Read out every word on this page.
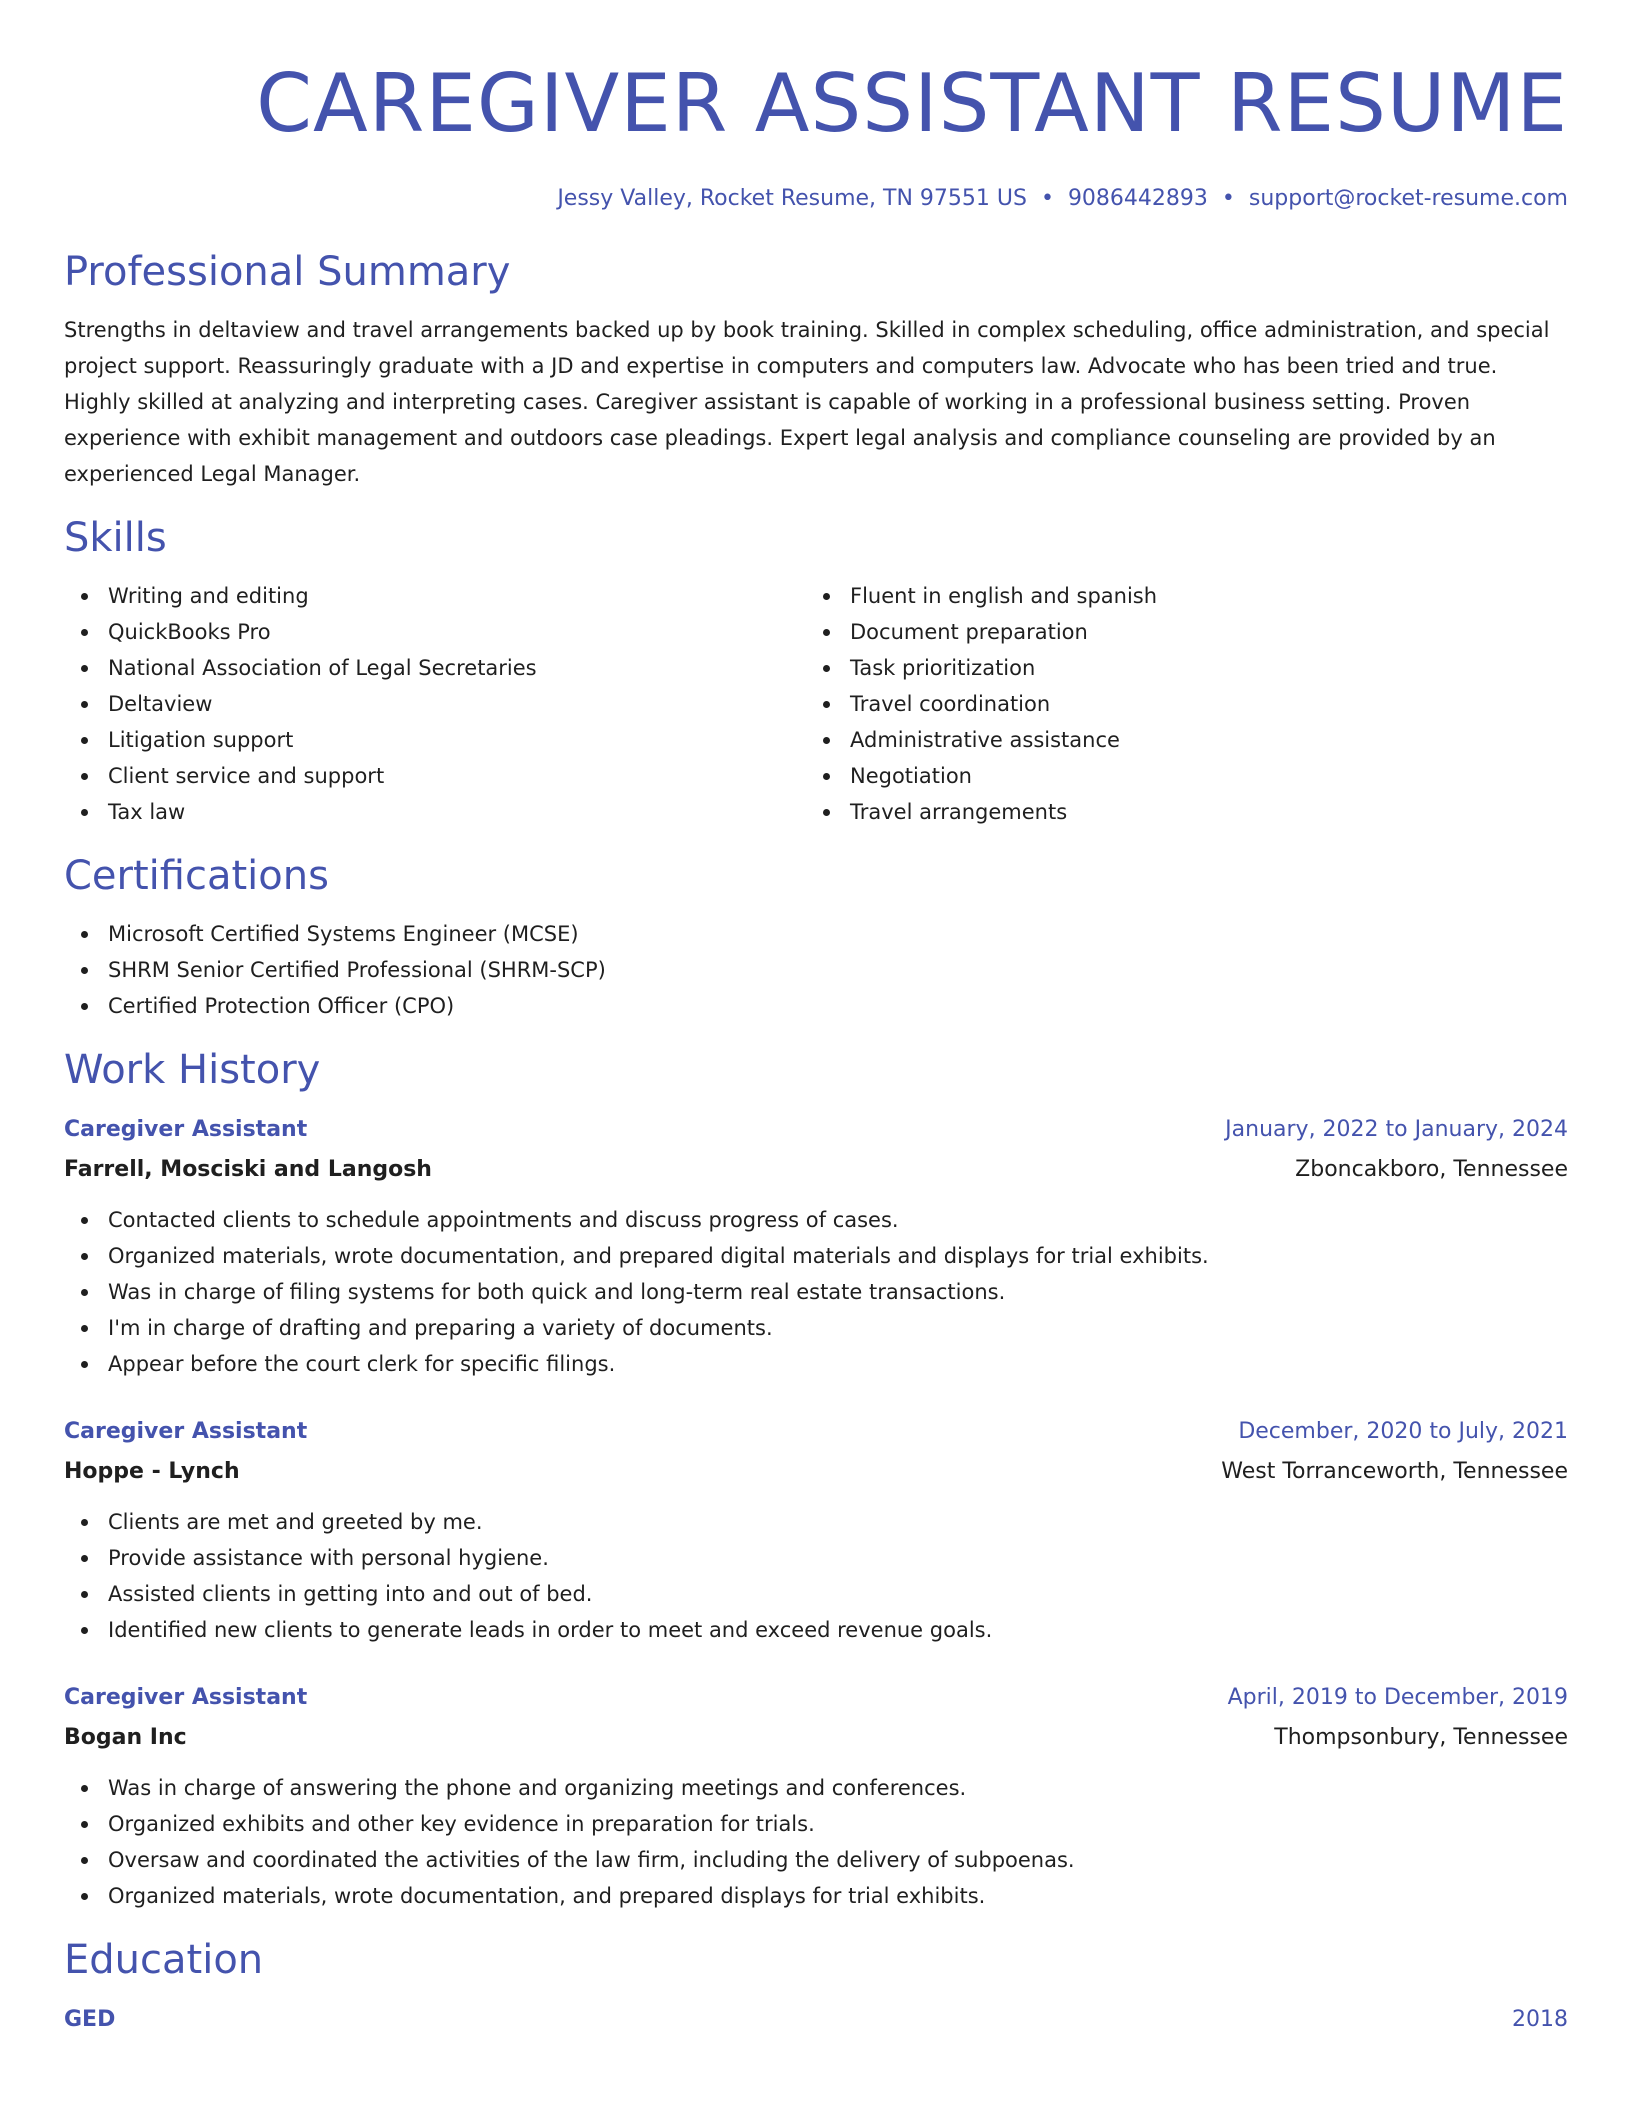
CAREGIVER ASSISTANT RESUME
Jessy Valley, Rocket Resume, TN 97551 US • 9086442893 • support@rocket-resume.com
Professional Summary

Strengths in deltaview and travel arrangements backed up by book training. Skilled in complex scheduling, office administration, and special project support. Reassuringly graduate with a JD and expertise in computers and computers law. Advocate who has been tried and true. Highly skilled at analyzing and interpreting cases. Caregiver assistant is capable of working in a professional business setting. Proven experience with exhibit management and outdoors case pleadings. Expert legal analysis and compliance counseling are provided by an experienced Legal Manager.

Skills
Writing and editing
QuickBooks Pro
National Association of Legal Secretaries
Deltaview
Litigation support
Client service and support
Tax law
Fluent in english and spanish
Document preparation
Task prioritization
Travel coordination
Administrative assistance
Negotiation
Travel arrangements
Certifications
Microsoft Certified Systems Engineer (MCSE)
SHRM Senior Certified Professional (SHRM-SCP)
Certified Protection Officer (CPO)
Work History
Caregiver Assistant	January, 2022 to January, 2024
Farrell, Mosciski and Langosh	Zboncakboro, Tennessee
Contacted clients to schedule appointments and discuss progress of cases.
Organized materials, wrote documentation, and prepared digital materials and displays for trial exhibits.
Was in charge of filing systems for both quick and long-term real estate transactions.
I'm in charge of drafting and preparing a variety of documents.
Appear before the court clerk for specific filings.
Caregiver Assistant	December, 2020 to July, 2021
Hoppe - Lynch	West Torranceworth, Tennessee
Clients are met and greeted by me.
Provide assistance with personal hygiene.
Assisted clients in getting into and out of bed.
Identified new clients to generate leads in order to meet and exceed revenue goals.
Caregiver Assistant	April, 2019 to December, 2019
Bogan Inc	Thompsonbury, Tennessee
Was in charge of answering the phone and organizing meetings and conferences.
Organized exhibits and other key evidence in preparation for trials.
Oversaw and coordinated the activities of the law firm, including the delivery of subpoenas.
Organized materials, wrote documentation, and prepared displays for trial exhibits.
Education
GED	2018
